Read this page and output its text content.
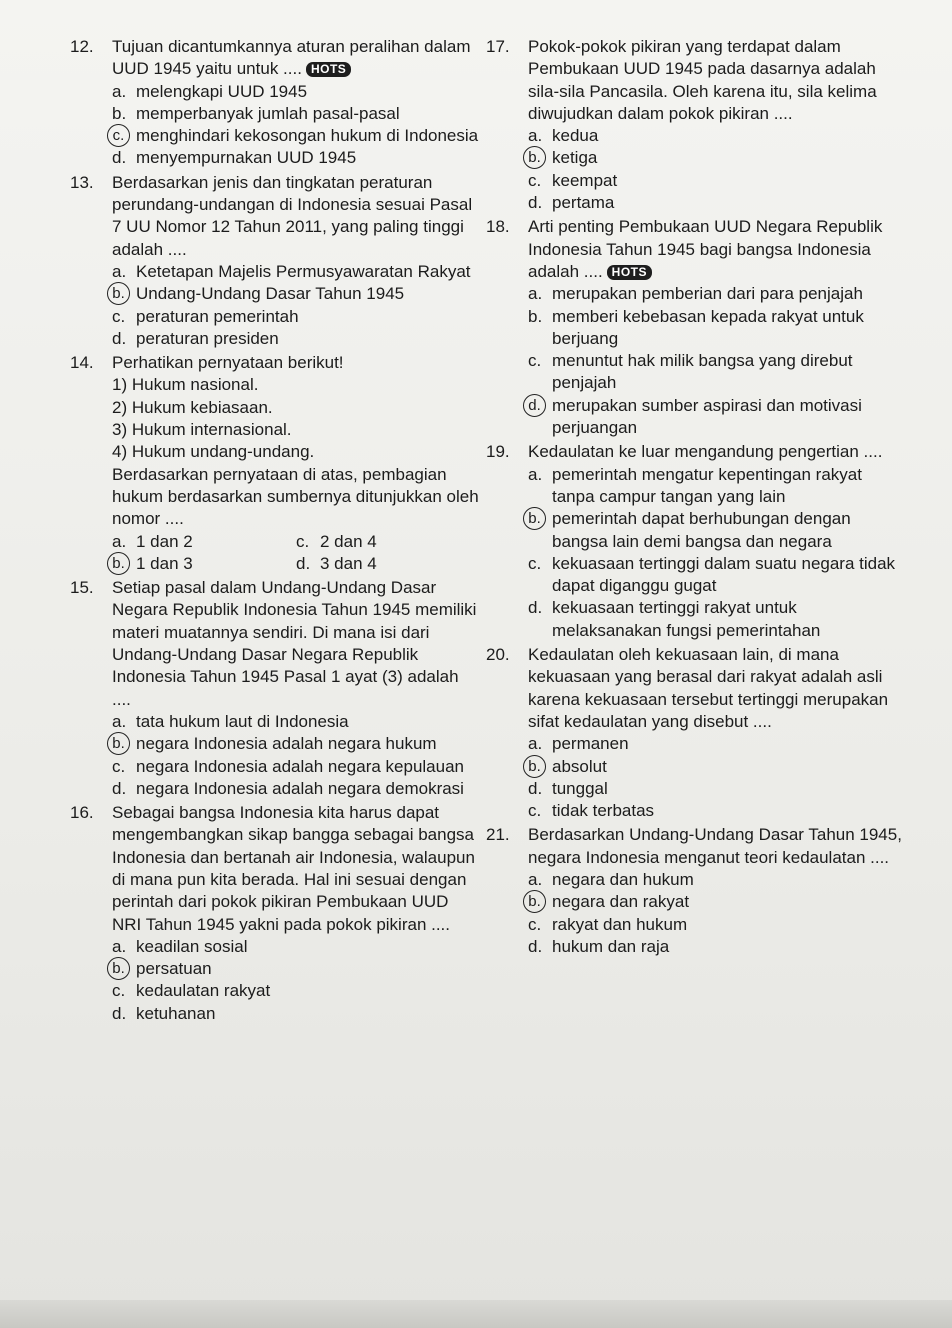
12. Tujuan dicantumkannya aturan peralihan dalam UUD 1945 yaitu untuk .... HOTS
a. melengkapi UUD 1945
b. memperbanyak jumlah pasal-pasal
c. menghindari kekosongan hukum di Indonesia
d. menyempurnakan UUD 1945
13. Berdasarkan jenis dan tingkatan peraturan perundang-undangan di Indonesia sesuai Pasal 7 UU Nomor 12 Tahun 2011, yang paling tinggi adalah ....
a. Ketetapan Majelis Permusyawaratan Rakyat
b. Undang-Undang Dasar Tahun 1945
c. peraturan pemerintah
d. peraturan presiden
14. Perhatikan pernyataan berikut!
1) Hukum nasional.
2) Hukum kebiasaan.
3) Hukum internasional.
4) Hukum undang-undang.
Berdasarkan pernyataan di atas, pembagian hukum berdasarkan sumbernya ditunjukkan oleh nomor ....
a. 1 dan 2	c. 2 dan 4
b. 1 dan 3	d. 3 dan 4
15. Setiap pasal dalam Undang-Undang Dasar Negara Republik Indonesia Tahun 1945 memiliki materi muatannya sendiri. Di mana isi dari Undang-Undang Dasar Negara Republik Indonesia Tahun 1945 Pasal 1 ayat (3) adalah ....
a. tata hukum laut di Indonesia
b. negara Indonesia adalah negara hukum
c. negara Indonesia adalah negara kepulauan
d. negara Indonesia adalah negara demokrasi
16. Sebagai bangsa Indonesia kita harus dapat mengembangkan sikap bangga sebagai bangsa Indonesia dan bertanah air Indonesia, walaupun di mana pun kita berada. Hal ini sesuai dengan perintah dari pokok pikiran Pembukaan UUD NRI Tahun 1945 yakni pada pokok pikiran ....
a. keadilan sosial
b. persatuan
c. kedaulatan rakyat
d. ketuhanan
17. Pokok-pokok pikiran yang terdapat dalam Pembukaan UUD 1945 pada dasarnya adalah sila-sila Pancasila. Oleh karena itu, sila kelima diwujudkan dalam pokok pikiran ....
a. kedua
b. ketiga
c. keempat
d. pertama
18. Arti penting Pembukaan UUD Negara Republik Indonesia Tahun 1945 bagi bangsa Indonesia adalah .... HOTS
a. merupakan pemberian dari para penjajah
b. memberi kebebasan kepada rakyat untuk berjuang
c. menuntut hak milik bangsa yang direbut penjajah
d. merupakan sumber aspirasi dan motivasi perjuangan
19. Kedaulatan ke luar mengandung pengertian ....
a. pemerintah mengatur kepentingan rakyat tanpa campur tangan yang lain
b. pemerintah dapat berhubungan dengan bangsa lain demi bangsa dan negara
c. kekuasaan tertinggi dalam suatu negara tidak dapat diganggu gugat
d. kekuasaan tertinggi rakyat untuk melaksanakan fungsi pemerintahan
20. Kedaulatan oleh kekuasaan lain, di mana kekuasaan yang berasal dari rakyat adalah asli karena kekuasaan tersebut tertinggi merupakan sifat kedaulatan yang disebut ....
a. permanen
b. absolut
d. tunggal
c. tidak terbatas
21. Berdasarkan Undang-Undang Dasar Tahun 1945, negara Indonesia menganut teori kedaulatan ....
a. negara dan hukum
b. negara dan rakyat
c. rakyat dan hukum
d. hukum dan raja
